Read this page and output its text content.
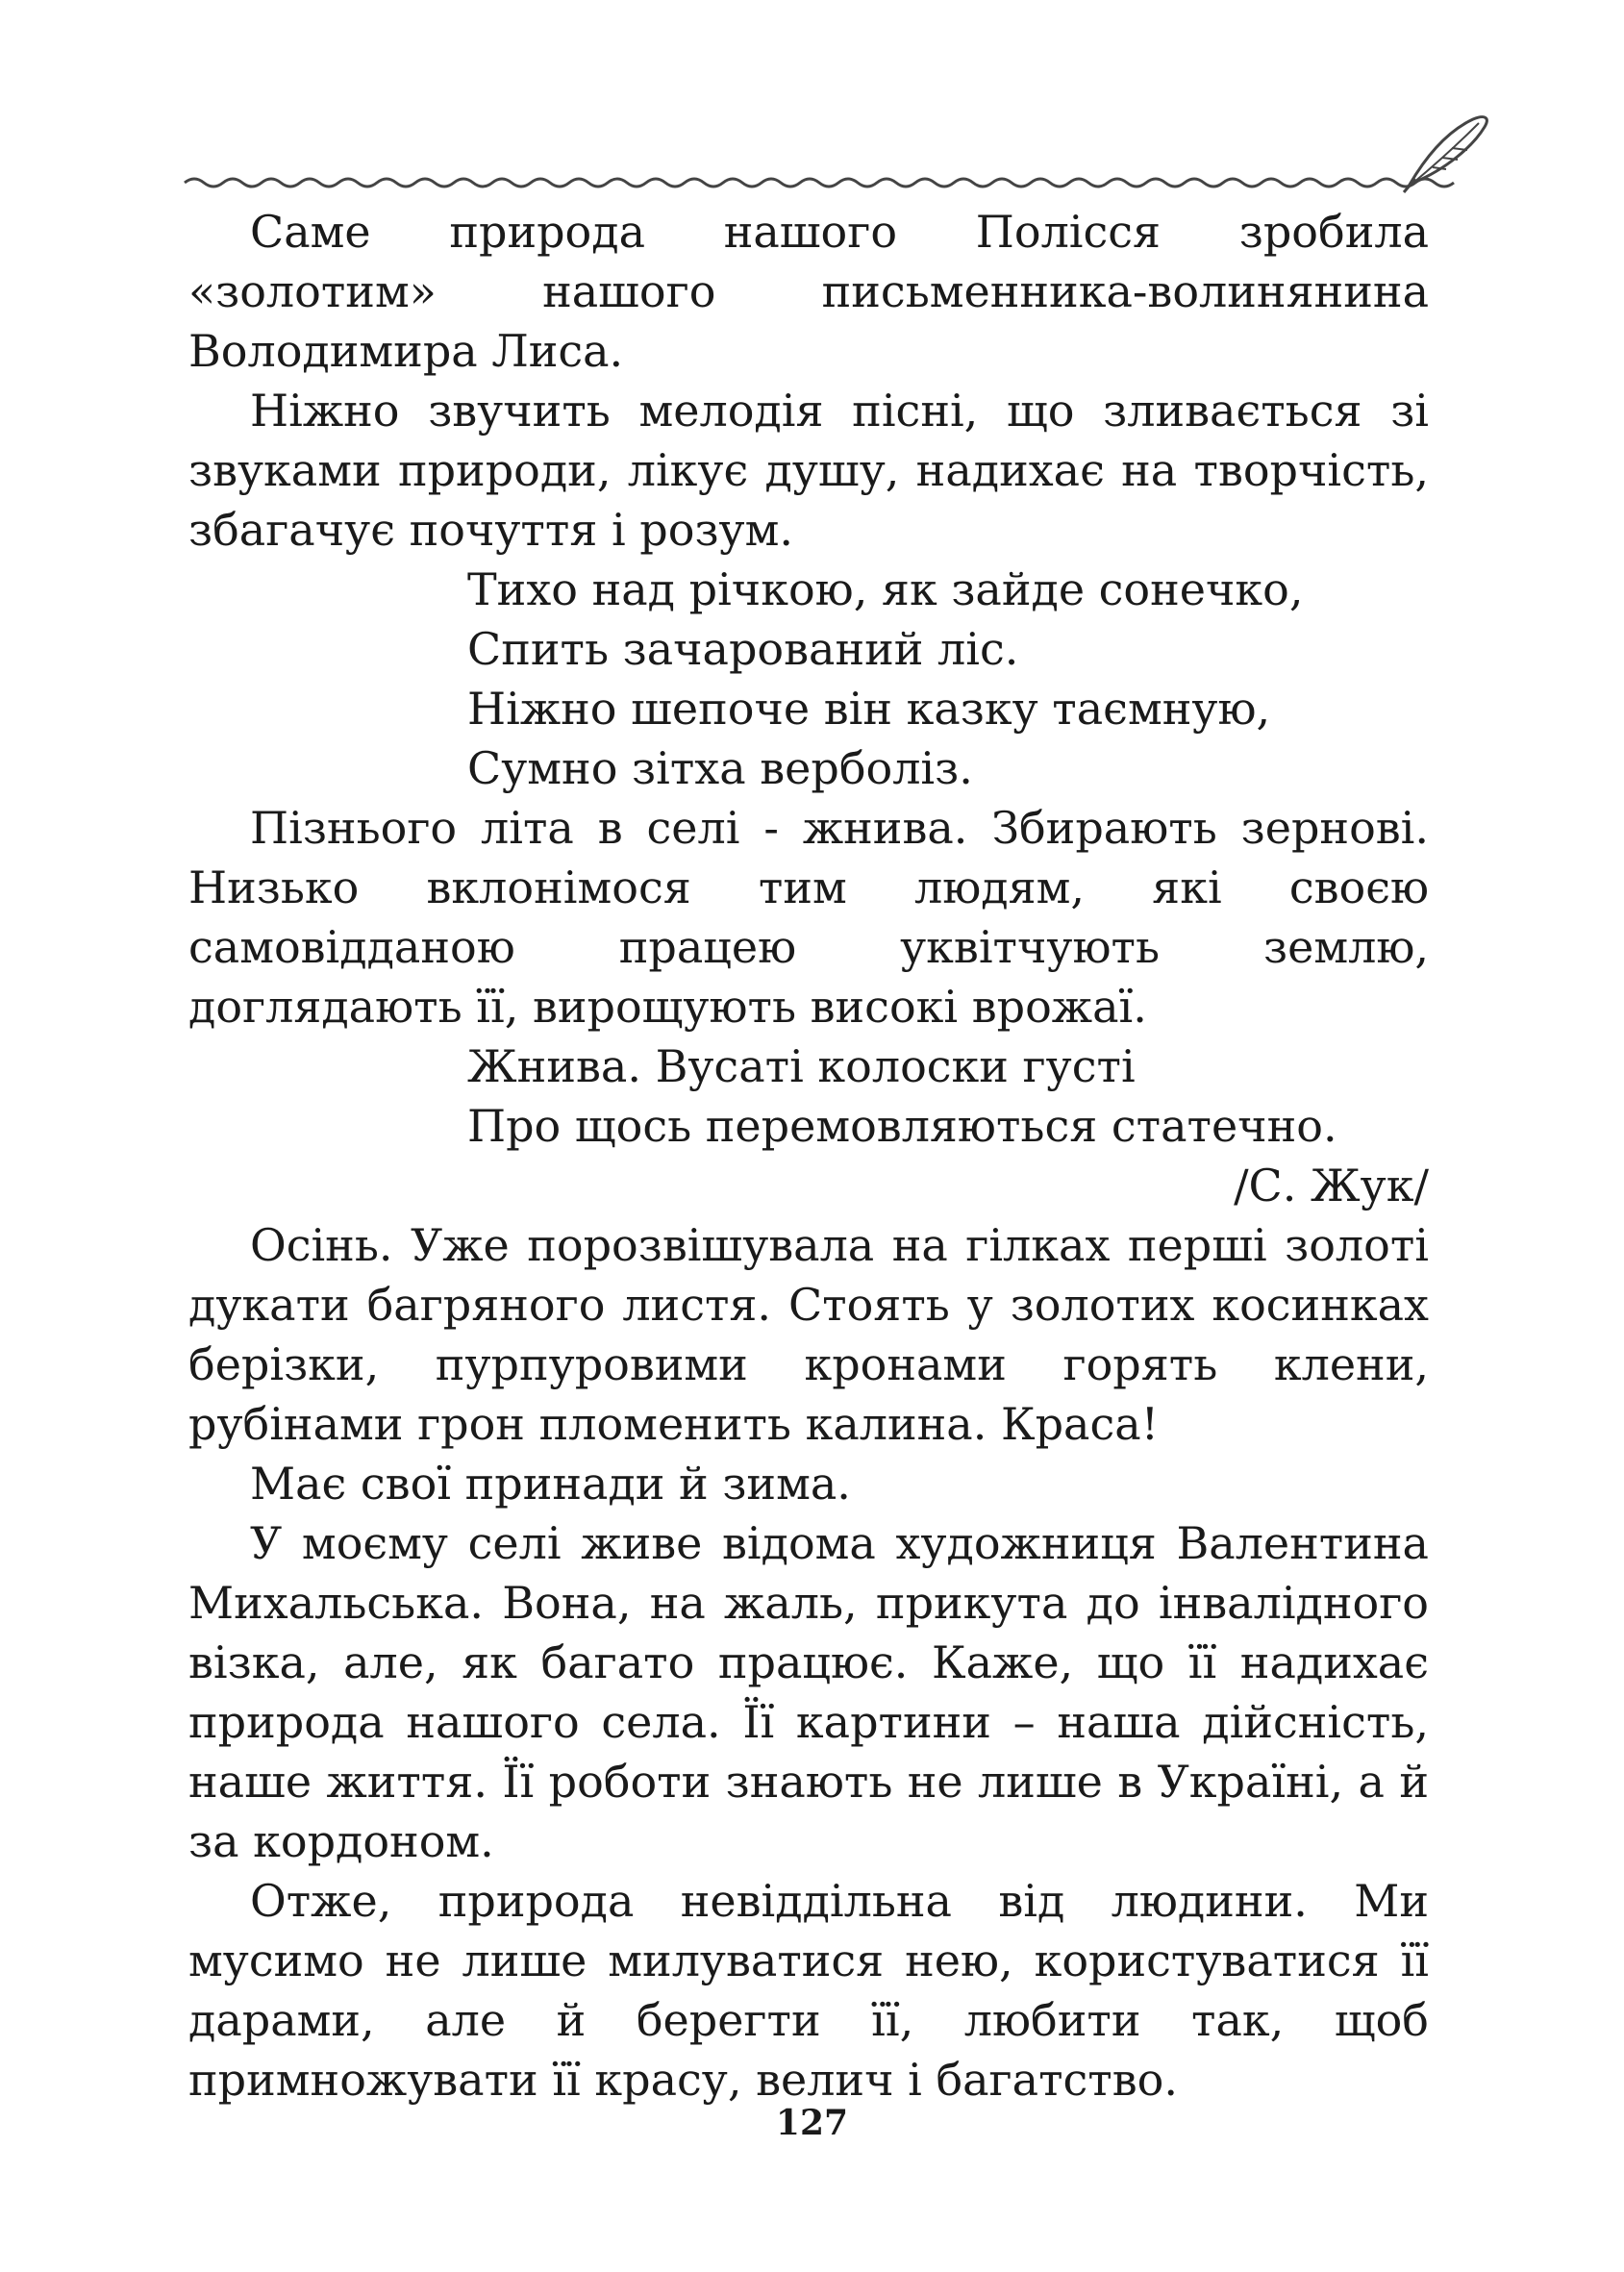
Саме природа нашого Полісся зробила «золотим» нашого письменника-волинянина Володимира Лиса.

Ніжно звучить мелодія пісні, що зливається зі звуками природи, лікує душу, надихає на творчість, збагачує почуття і розум.

Тихо над річкою, як зайде сонечко,
Спить зачарований ліс.
Ніжно шепоче він казку таємную,
Сумно зітха верболіз.

Пізнього літа в селі - жнива. Збирають зернові. Низько вклонімося тим людям, які своєю самовідданою працею уквітчують землю, доглядають її, вирощують високі врожаї.

Жнива. Вусаті колоски густі
Про щось перемовляються статечно.

/С. Жук/

Осінь. Уже порозвішувала на гілках перші золоті дукати багряного листя. Стоять у золотих косинках берізки, пурпуровими кронами горять клени, рубінами грон пломенить калина. Краса!

Має свої принади й зима.

У моєму селі живе відома художниця Валентина Михальська. Вона, на жаль, прикута до інвалідного візка, але, як багато працює. Каже, що її надихає природа нашого села. Її картини – наша дійсність, наше життя. Її роботи знають не лише в Україні, а й за кордоном.

Отже, природа невіддільна від людини. Ми мусимо не лише милуватися нею, користуватися її дарами, але й берегти її, любити так, щоб примножувати її красу, велич і багатство.

127
